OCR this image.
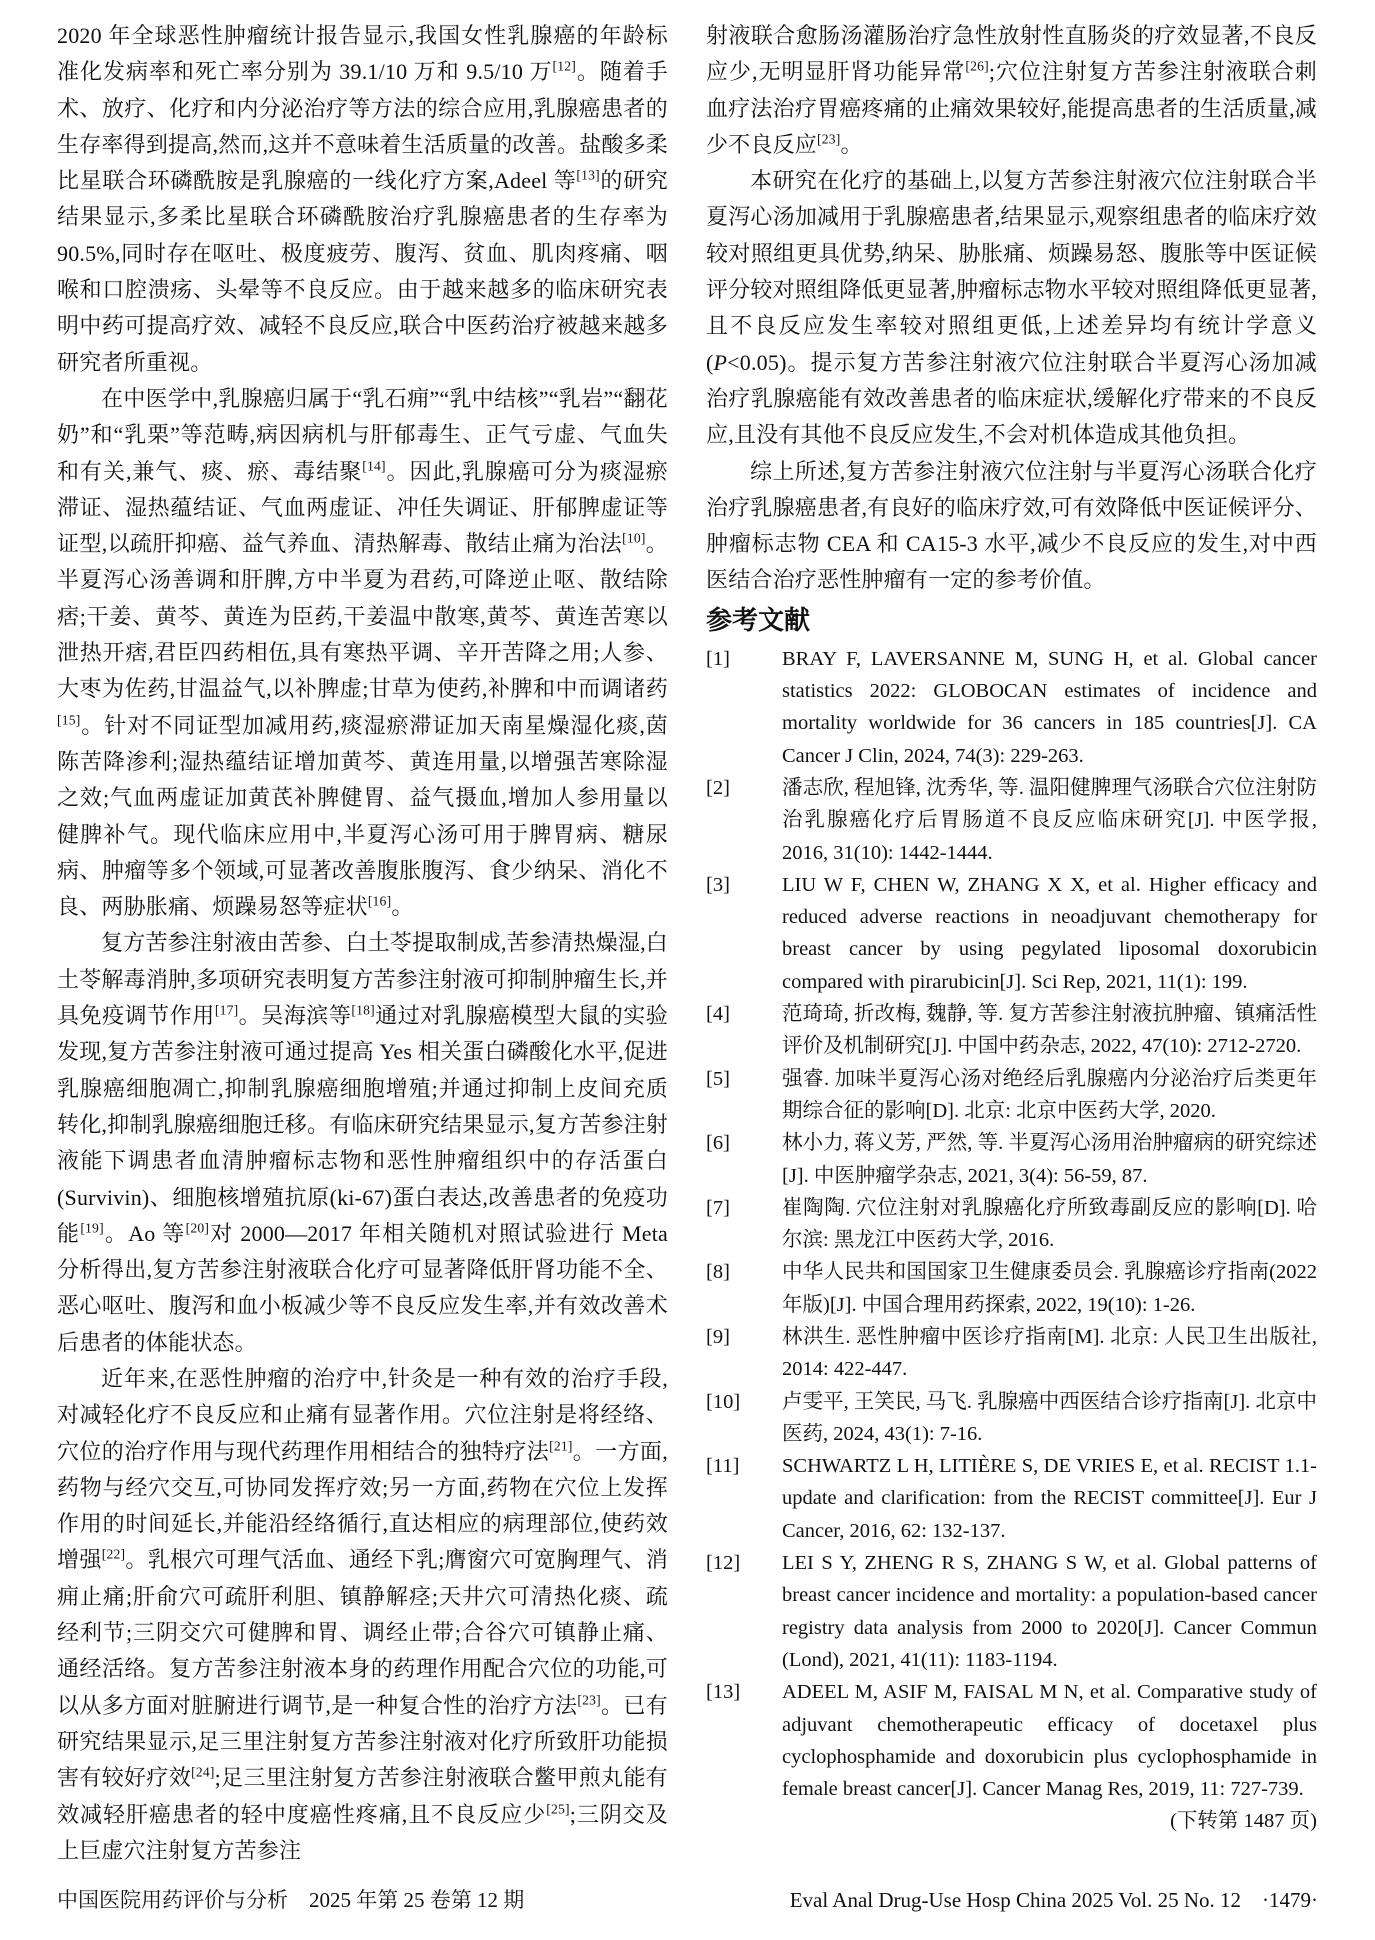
2020 年全球恶性肿瘤统计报告显示,我国女性乳腺癌的年龄标准化发病率和死亡率分别为 39.1/10 万和 9.5/10 万[12]。随着手术、放疗、化疗和内分泌治疗等方法的综合应用,乳腺癌患者的生存率得到提高,然而,这并不意味着生活质量的改善。盐酸多柔比星联合环磷酰胺是乳腺癌的一线化疗方案,Adeel 等[13]的研究结果显示,多柔比星联合环磷酰胺治疗乳腺癌患者的生存率为90.5%,同时存在呕吐、极度疲劳、腹泻、贫血、肌肉疼痛、咽喉和口腔溃疡、头晕等不良反应。由于越来越多的临床研究表明中药可提高疗效、减轻不良反应,联合中医药治疗被越来越多研究者所重视。

在中医学中,乳腺癌归属于“乳石痈”“乳中结核”“乳岩”“翻花奶”和“乳栗”等范畴,病因病机与肝郁毒生、正气亏虚、气血失和有关,兼气、痰、瘀、毒结聚[14]。因此,乳腺癌可分为痰湿瘀滞证、湿热蕴结证、气血两虚证、冲任失调证、肝郁脾虚证等证型,以疏肝抑癌、益气养血、清热解毒、散结止痛为治法[10]。半夏泻心汤善调和肝脾,方中半夏为君药,可降逆止呕、散结除痞;干姜、黄芩、黄连为臣药,干姜温中散寒,黄芩、黄连苦寒以泄热开痞,君臣四药相伍,具有寒热平调、辛开苦降之用;人参、大枣为佐药,甘温益气,以补脾虚;甘草为使药,补脾和中而调诸药[15]。针对不同证型加减用药,痰湿瘀滞证加天南星燥湿化痰,茵陈苦降渗利;湿热蕴结证增加黄芩、黄连用量,以增强苦寒除湿之效;气血两虚证加黄芪补脾健胃、益气摄血,增加人参用量以健脾补气。现代临床应用中,半夏泻心汤可用于脾胃病、糖尿病、肿瘤等多个领域,可显著改善腹胀腹泻、食少纳呆、消化不良、两胁胀痛、烦躁易怒等症状[16]。

复方苦参注射液由苦参、白土苓提取制成,苦参清热燥湿,白土苓解毒消肿,多项研究表明复方苦参注射液可抑制肿瘤生长,并具免疫调节作用[17]。吴海滨等[18]通过对乳腺癌模型大鼠的实验发现,复方苦参注射液可通过提高 Yes 相关蛋白磷酸化水平,促进乳腺癌细胞凋亡,抑制乳腺癌细胞增殖;并通过抑制上皮间充质转化,抑制乳腺癌细胞迁移。有临床研究结果显示,复方苦参注射液能下调患者血清肿瘤标志物和恶性肿瘤组织中的存活蛋白(Survivin)、细胞核增殖抗原(ki-67)蛋白表达,改善患者的免疫功能[19]。Ao 等[20]对 2000—2017 年相关随机对照试验进行 Meta 分析得出,复方苦参注射液联合化疗可显著降低肝肾功能不全、恶心呕吐、腹泻和血小板减少等不良反应发生率,并有效改善术后患者的体能状态。

近年来,在恶性肿瘤的治疗中,针灸是一种有效的治疗手段,对减轻化疗不良反应和止痛有显著作用。穴位注射是将经络、穴位的治疗作用与现代药理作用相结合的独特疗法[21]。一方面,药物与经穴交互,可协同发挥疗效;另一方面,药物在穴位上发挥作用的时间延长,并能沿经络循行,直达相应的病理部位,使药效增强[22]。乳根穴可理气活血、通经下乳;膺窗穴可宽胸理气、消痈止痛;肝俞穴可疏肝利胆、镇静解痉;天井穴可清热化痰、疏经利节;三阴交穴可健脾和胃、调经止带;合谷穴可镇静止痛、通经活络。复方苦参注射液本身的药理作用配合穴位的功能,可以从多方面对脏腑进行调节,是一种复合性的治疗方法[23]。已有研究结果显示,足三里注射复方苦参注射液对化疗所致肝功能损害有较好疗效[24];足三里注射复方苦参注射液联合鳖甲煎丸能有效减轻肝癌患者的轻中度癌性疼痛,且不良反应少[25];三阴交及上巨虚穴注射复方苦参注

射液联合愈肠汤灌肠治疗急性放射性直肠炎的疗效显著,不良反应少,无明显肝肾功能异常[26];穴位注射复方苦参注射液联合刺血疗法治疗胃癌疼痛的止痛效果较好,能提高患者的生活质量,减少不良反应[23]。

本研究在化疗的基础上,以复方苦参注射液穴位注射联合半夏泻心汤加减用于乳腺癌患者,结果显示,观察组患者的临床疗效较对照组更具优势,纳呆、胁胀痛、烦躁易怒、腹胀等中医证候评分较对照组降低更显著,肿瘤标志物水平较对照组降低更显著,且不良反应发生率较对照组更低,上述差异均有统计学意义(P<0.05)。提示复方苦参注射液穴位注射联合半夏泻心汤加减治疗乳腺癌能有效改善患者的临床症状,缓解化疗带来的不良反应,且没有其他不良反应发生,不会对机体造成其他负担。

综上所述,复方苦参注射液穴位注射与半夏泻心汤联合化疗治疗乳腺癌患者,有良好的临床疗效,可有效降低中医证候评分、肿瘤标志物 CEA 和 CA15-3 水平,减少不良反应的发生,对中西医结合治疗恶性肿瘤有一定的参考价值。

参考文献
[1]	BRAY F, LAVERSANNE M, SUNG H, et al. Global cancer statistics 2022: GLOBOCAN estimates of incidence and mortality worldwide for 36 cancers in 185 countries[J]. CA Cancer J Clin, 2024, 74(3): 229-263.
[2]	潘志欣, 程旭锋, 沈秀华, 等. 温阳健脾理气汤联合穴位注射防治乳腺癌化疗后胃肠道不良反应临床研究[J]. 中医学报, 2016, 31(10): 1442-1444.
[3]	LIU W F, CHEN W, ZHANG X X, et al. Higher efficacy and reduced adverse reactions in neoadjuvant chemotherapy for breast cancer by using pegylated liposomal doxorubicin compared with pirarubicin[J]. Sci Rep, 2021, 11(1): 199.
[4]	范琦琦, 折改梅, 魏静, 等. 复方苦参注射液抗肿瘤、镇痛活性评价及机制研究[J]. 中国中药杂志, 2022, 47(10): 2712-2720.
[5]	强睿. 加味半夏泻心汤对绝经后乳腺癌内分泌治疗后类更年期综合征的影响[D]. 北京: 北京中医药大学, 2020.
[6]	林小力, 蒋义芳, 严然, 等. 半夏泻心汤用治肿瘤病的研究综述[J]. 中医肿瘤学杂志, 2021, 3(4): 56-59, 87.
[7]	崔陶陶. 穴位注射对乳腺癌化疗所致毒副反应的影响[D]. 哈尔滨: 黑龙江中医药大学, 2016.
[8]	中华人民共和国国家卫生健康委员会. 乳腺癌诊疗指南(2022年版)[J]. 中国合理用药探索, 2022, 19(10): 1-26.
[9]	林洪生. 恶性肿瘤中医诊疗指南[M]. 北京: 人民卫生出版社, 2014: 422-447.
[10]	卢雯平, 王笑民, 马飞. 乳腺癌中西医结合诊疗指南[J]. 北京中医药, 2024, 43(1): 7-16.
[11]	SCHWARTZ L H, LITIÈRE S, DE VRIES E, et al. RECIST 1.1-update and clarification: from the RECIST committee[J]. Eur J Cancer, 2016, 62: 132-137.
[12]	LEI S Y, ZHENG R S, ZHANG S W, et al. Global patterns of breast cancer incidence and mortality: a population-based cancer registry data analysis from 2000 to 2020[J]. Cancer Commun (Lond), 2021, 41(11): 1183-1194.
[13]	ADEEL M, ASIF M, FAISAL M N, et al. Comparative study of adjuvant chemotherapeutic efficacy of docetaxel plus cyclophosphamide and doxorubicin plus cyclophosphamide in female breast cancer[J]. Cancer Manag Res, 2019, 11: 727-739.
(下转第 1487 页)
中国医院用药评价与分析　2025 年第 25 卷第 12 期	Eval Anal Drug-Use Hosp China 2025 Vol. 25 No. 12　·1479·
